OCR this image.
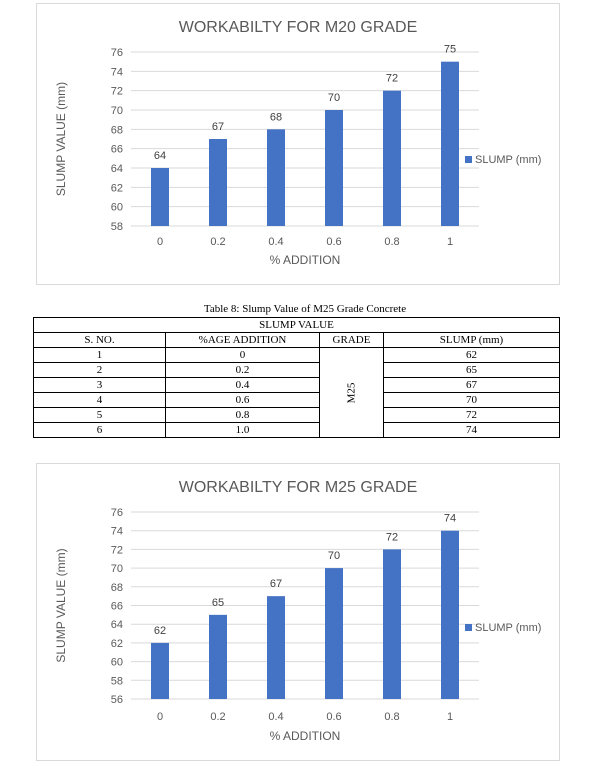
WORKABILTY FOR M20 GRADE
58
60
62
64
66
68
70
72
74
76
64
0
67
0.2
68
0.4
70
0.6
72
0.8
75
1
% ADDITION
SLUMP VALUE (mm)	SLUMP (mm)
Table 8: Slump Value of M25 Grade Concrete
SLUMP VALUE			
S. NO.	%AGE ADDITION	GRADE	SLUMP (mm)
1	0	M25	62
2	0.2		65
3	0.4		67
4	0.6		70
5	0.8		72
6	1.0		74
WORKABILTY FOR M25 GRADE
56
58
60
62
64
66
68
70
72
74
76
62
0
65
0.2
67
0.4
70
0.6
72
0.8
74
1
% ADDITION
SLUMP VALUE (mm)	SLUMP (mm)
